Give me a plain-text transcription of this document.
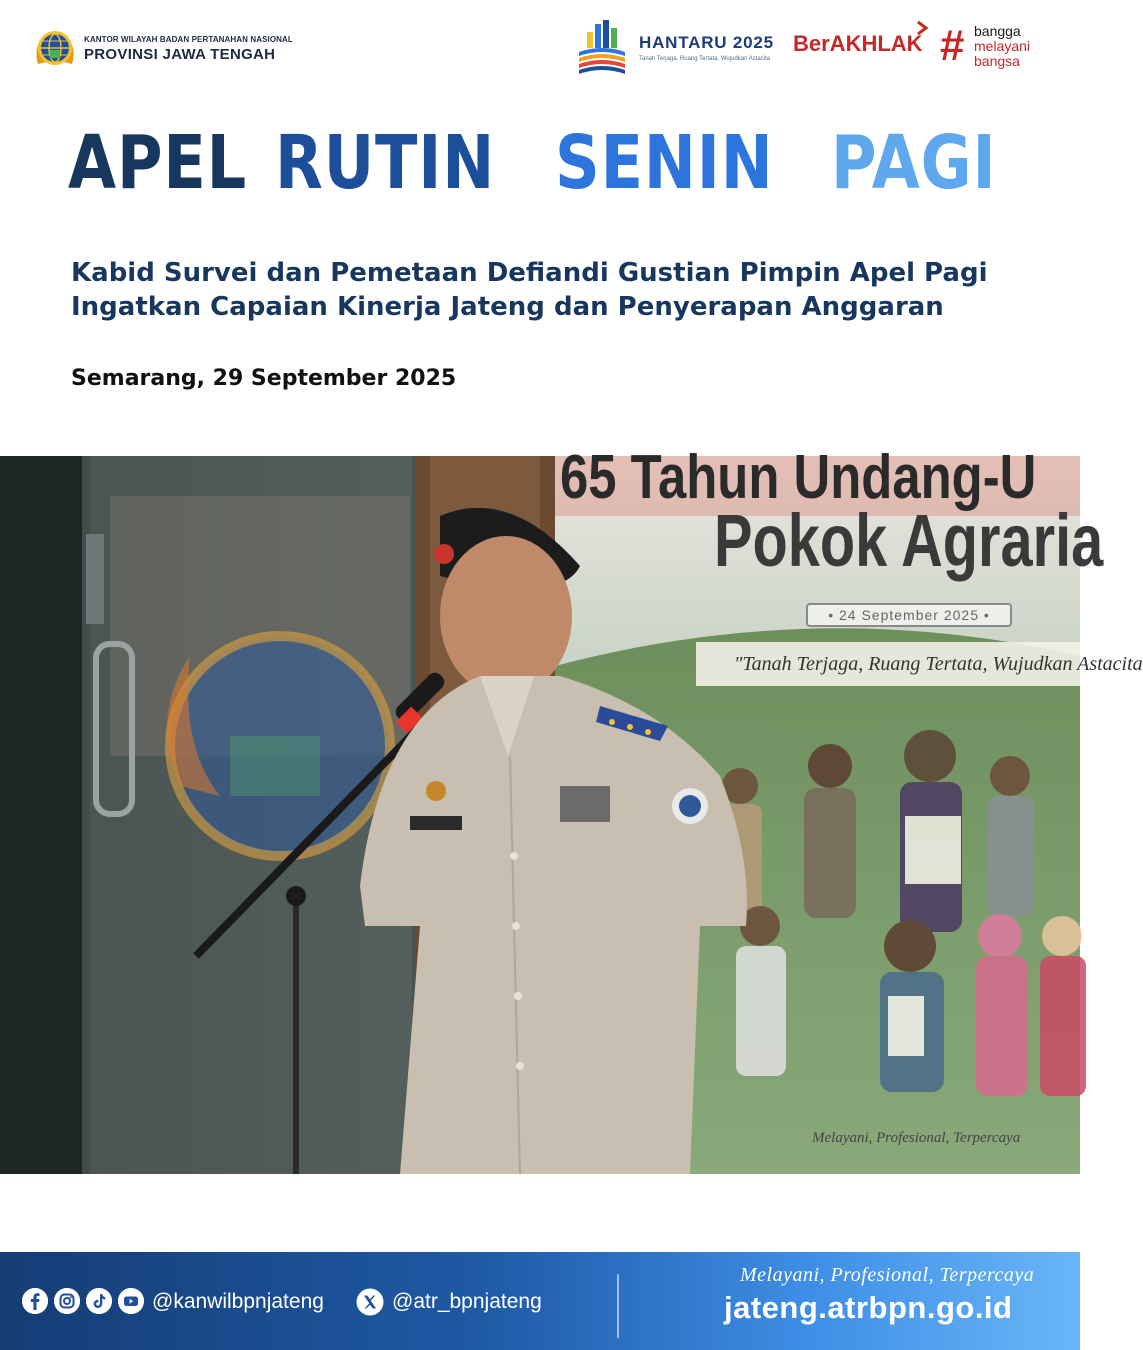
KANTOR WILAYAH BADAN PERTANAHAN NASIONAL
PROVINSI JAWA TENGAH
HANTARU 2025
Tanah Terjaga, Ruang Tertata, Wujudkan Astacita
BerAKHLAK # bangga
melayani
bangsa
APEL RUTIN SENIN PAGI
Kabid Survei dan Pemetaan Defiandi Gustian Pimpin Apel Pagi
Ingatkan Capaian Kinerja Jateng dan Penyerapan Anggaran
Semarang, 29 September 2025
65 Tahun Undang-U
Pokok Agraria
• 24 September 2025 •
"Tanah Terjaga, Ruang Tertata, Wujudkan Astacita
Melayani, Profesional, Terpercaya
@kanwilbpnjateng	@atr_bpnjateng
Melayani, Profesional, Terpercaya
jateng.atrbpn.go.id
